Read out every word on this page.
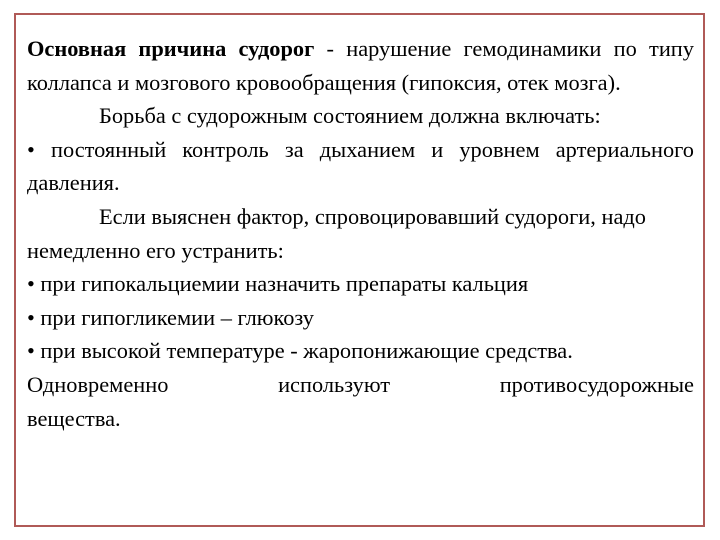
Основная причина судорог - нарушение гемодинамики по типу коллапса и мозгового кровообращения (гипоксия, отек мозга).

Борьба с судорожным состоянием должна включать:

• постоянный контроль за дыханием и уровнем артериального давления.

Если выяснен фактор, спровоцировавший судороги, надо немедленно его устранить:

• при гипокальциемии назначить препараты кальция

• при гипогликемии – глюкозу

• при высокой температуре - жаропонижающие средства.

Одновременно используют противосудорожные

вещества.
